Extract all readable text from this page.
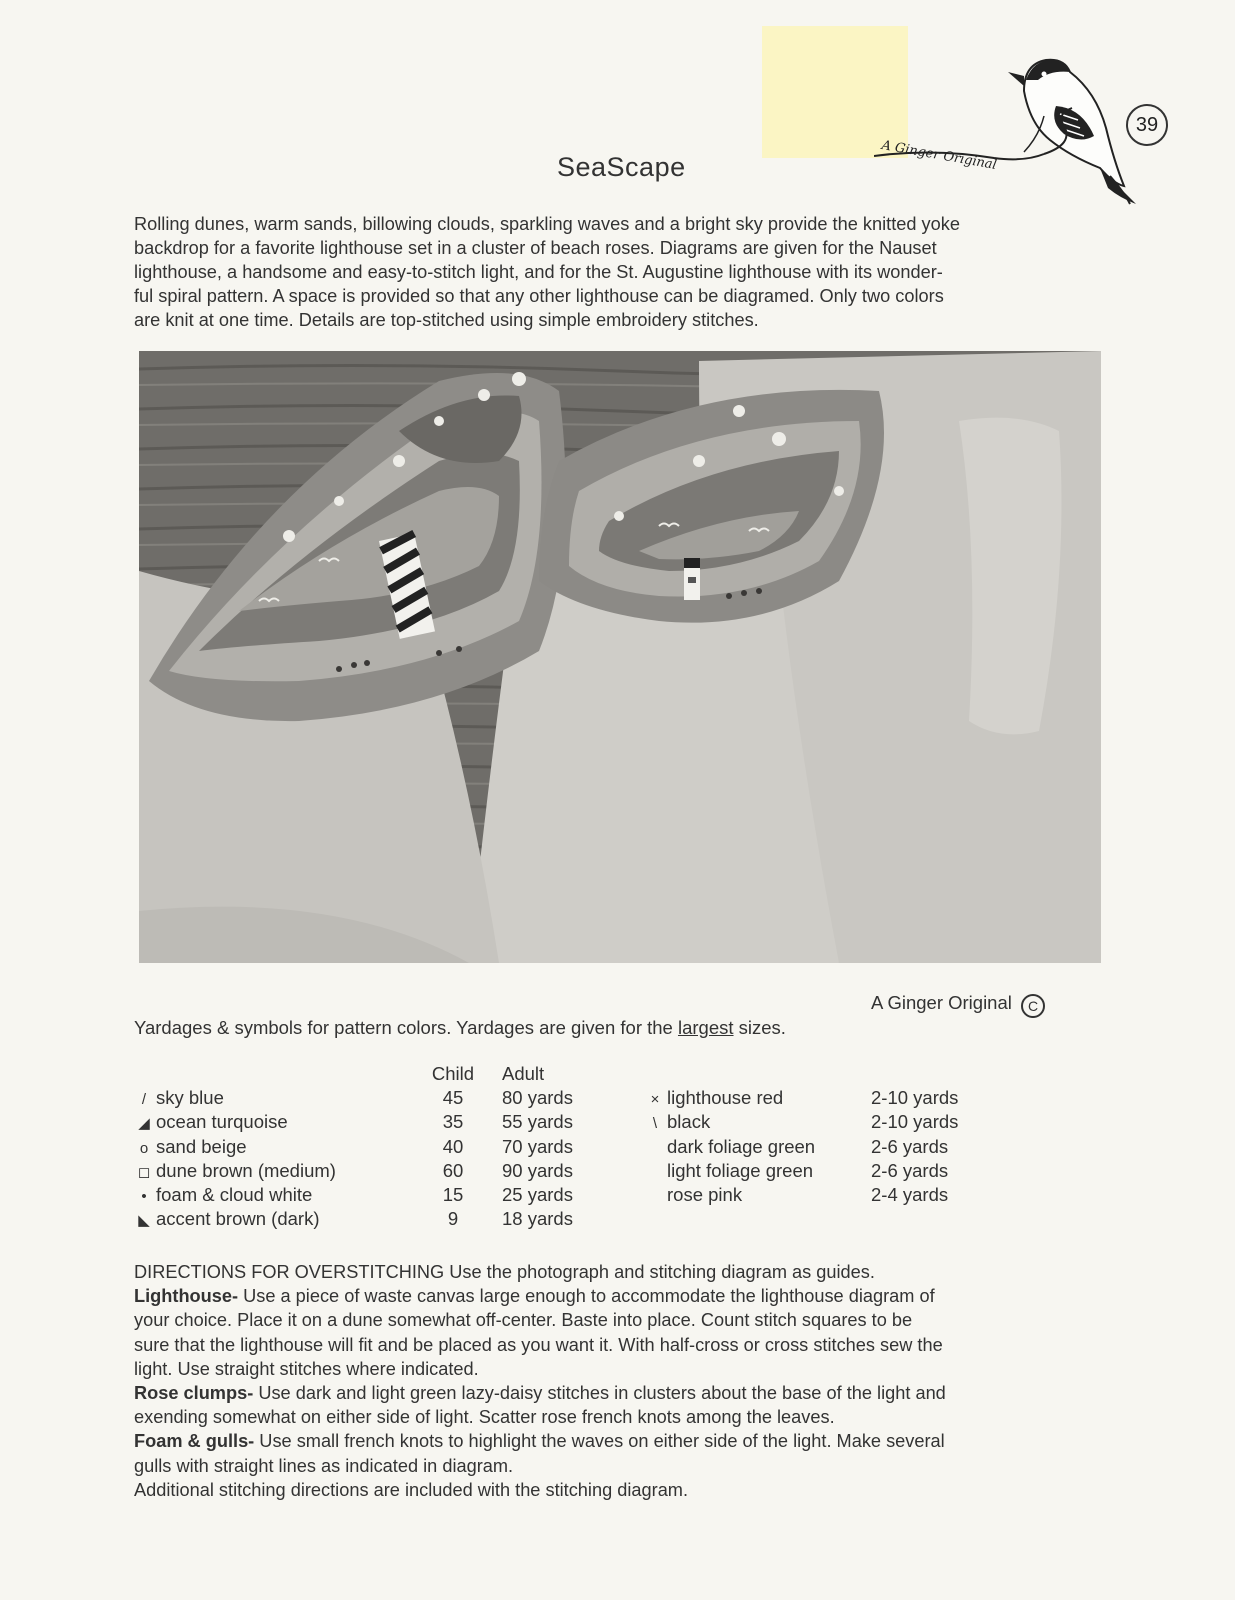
A Ginger Original
39
SeaScape
Rolling dunes, warm sands, billowing clouds, sparkling waves and a bright sky provide the knitted yoke
backdrop for a favorite lighthouse set in a cluster of beach roses. Diagrams are given for the Nauset
lighthouse, a handsome and easy-to-stitch light, and for the St. Augustine lighthouse with its wonder-
ful spiral pattern. A space is provided so that any other lighthouse can be diagramed. Only two colors
are knit at one time. Details are top-stitched using simple embroidery stitches.
A Ginger Original C
Yardages & symbols for pattern colors. Yardages are given for the largest sizes.
/ sky blue
◢ ocean turquoise
o sand beige
◻ dune brown (medium)
• foam & cloud white
◣ accent brown (dark)
Child
45
35
40
60
15
9
Adult
80 yards
55 yards
70 yards
90 yards
25 yards
18 yards
× lighthouse red
\ black
dark foliage green
light foliage green
rose pink
2-10 yards
2-10 yards
2-6 yards
2-6 yards
2-4 yards
DIRECTIONS FOR OVERSTITCHING Use the photograph and stitching diagram as guides.
Lighthouse- Use a piece of waste canvas large enough to accommodate the lighthouse diagram of
your choice. Place it on a dune somewhat off-center. Baste into place. Count stitch squares to be
sure that the lighthouse will fit and be placed as you want it. With half-cross or cross stitches sew the
light. Use straight stitches where indicated.
Rose clumps- Use dark and light green lazy-daisy stitches in clusters about the base of the light and
exending somewhat on either side of light. Scatter rose french knots among the leaves.
Foam & gulls- Use small french knots to highlight the waves on either side of the light. Make several
gulls with straight lines as indicated in diagram.
Additional stitching directions are included with the stitching diagram.
